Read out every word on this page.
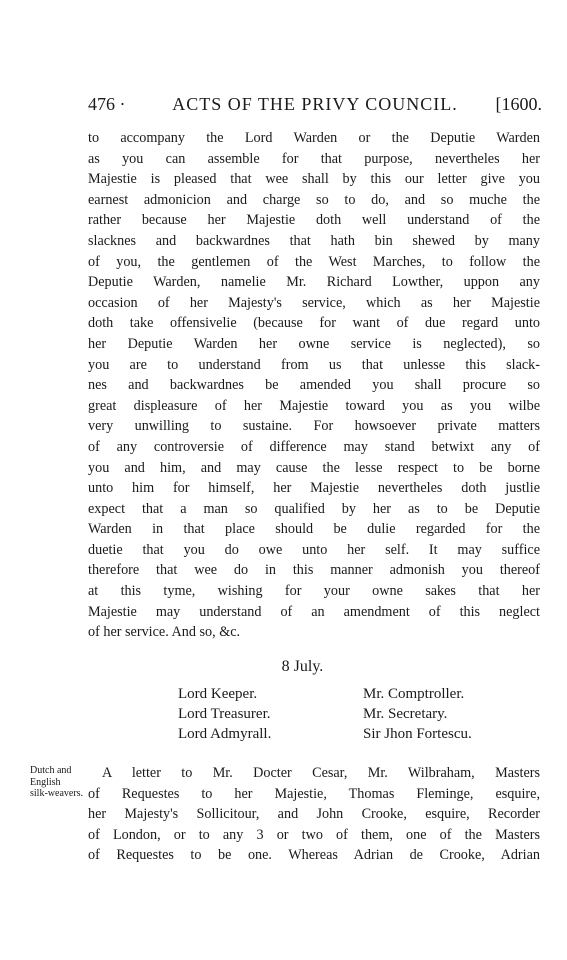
476 ·	ACTS OF THE PRIVY COUNCIL.	[1600.
to accompany the Lord Warden or the Deputie Warden
as you can assemble for that purpose, nevertheles her
Majestie is pleased that wee shall by this our letter give you
earnest admonicion and charge so to do, and so muche the
rather because her Majestie doth well understand of the
slacknes and backwardnes that hath bin shewed by many
of you, the gentlemen of the West Marches, to follow the
Deputie Warden, namelie Mr. Richard Lowther, uppon any
occasion of her Majesty's service, which as her Majestie
doth take offensivelie (because for want of due regard unto
her Deputie Warden her owne service is neglected), so
you are to understand from us that unlesse this slack-
nes and backwardnes be amended you shall procure so
great displeasure of her Majestie toward you as you wilbe
very unwilling to sustaine. For howsoever private matters
of any controversie of difference may stand betwixt any of
you and him, and may cause the lesse respect to be borne
unto him for himself, her Majestie nevertheles doth justlie
expect that a man so qualified by her as to be Deputie
Warden in that place should be dulie regarded for the
duetie that you do owe unto her self. It may suffice
therefore that wee do in this manner admonish you thereof
at this tyme, wishing for your owne sakes that her
Majestie may understand of an amendment of this neglect
of her service. And so, &c.
8 July.
Lord Keeper.	Mr. Comptroller.
Lord Treasurer.	Mr. Secretary.
Lord Admyrall.	Sir Jhon Fortescu.
Dutch and
English
silk-weavers.
A letter to Mr. Docter Cesar, Mr. Wilbraham, Masters
of Requestes to her Majestie, Thomas Fleminge, esquire,
her Majesty's Sollicitour, and John Crooke, esquire, Recorder
of London, or to any 3 or two of them, one of the Masters
of Requestes to be one. Whereas Adrian de Crooke, Adrian
